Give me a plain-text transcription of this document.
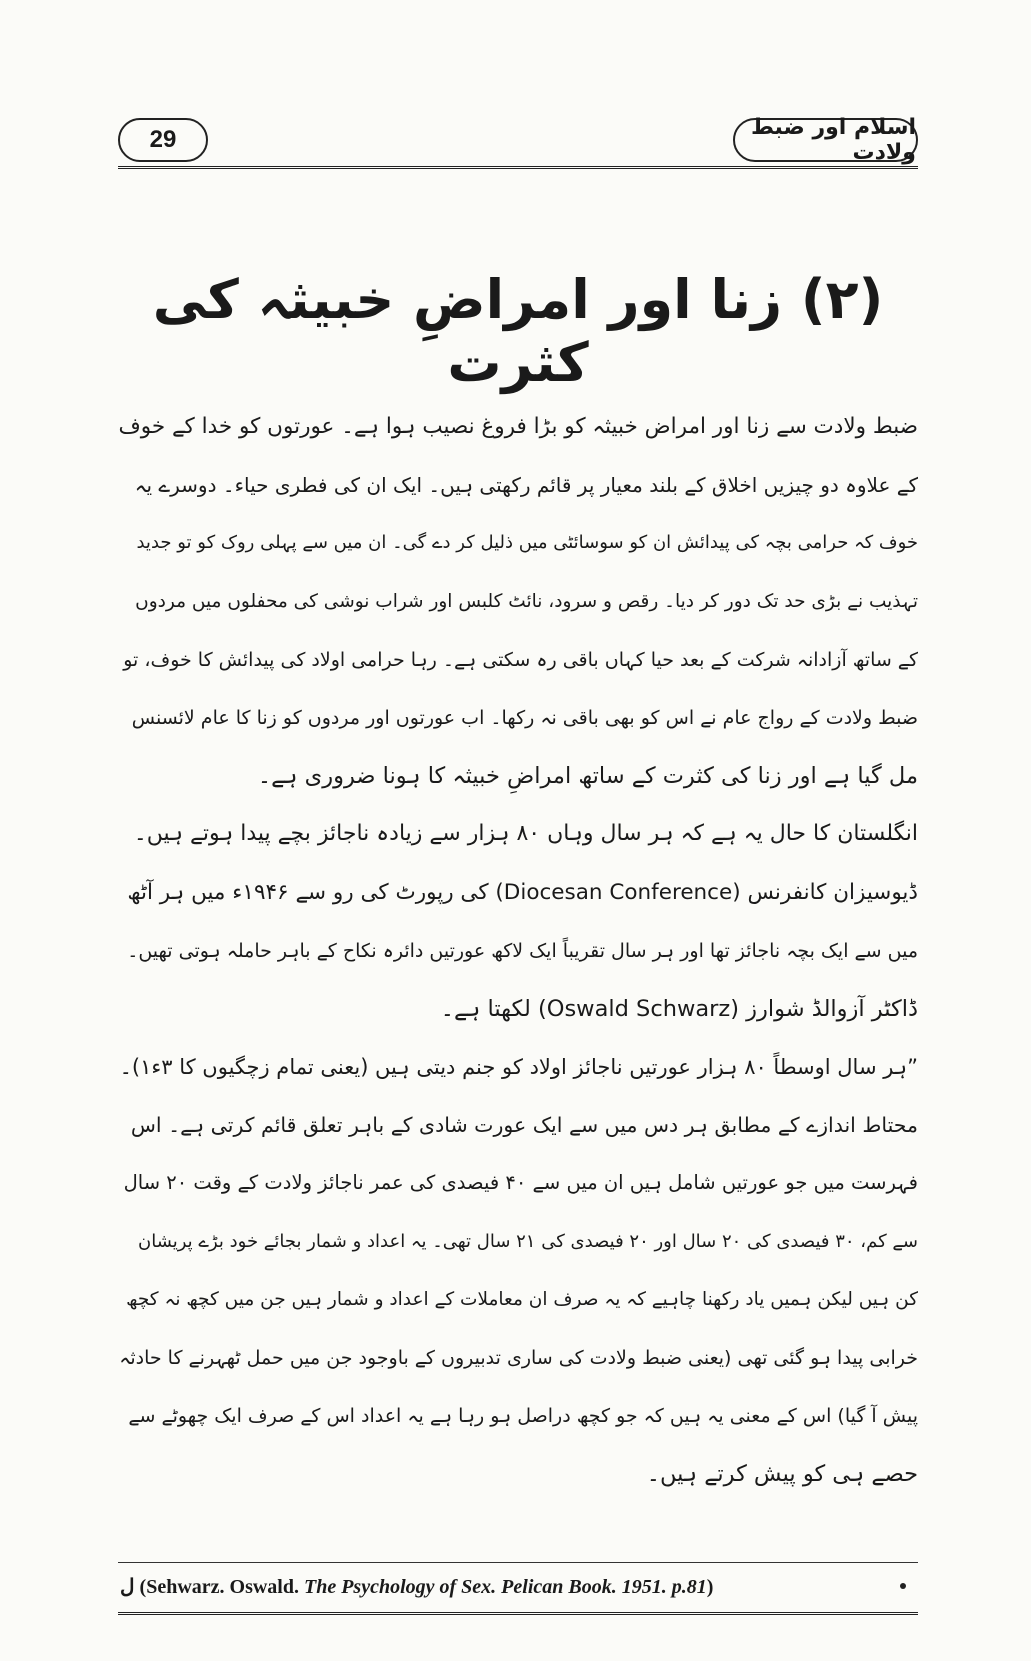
29	اسلام اور ضبط ولادت
(۲) زنا اور امراضِ خبیثہ کی کثرت
ضبط ولادت سے زنا اور امراض خبیثہ کو بڑا فروغ نصیب ہوا ہے۔ عورتوں کو خدا کے خوف
کے علاوہ دو چیزیں اخلاق کے بلند معیار پر قائم رکھتی ہیں۔ ایک ان کی فطری حیاء۔ دوسرے یہ
خوف کہ حرامی بچہ کی پیدائش ان کو سوسائٹی میں ذلیل کر دے گی۔ ان میں سے پہلی روک کو تو جدید
تہذیب نے بڑی حد تک دور کر دیا۔ رقص و سرود، نائٹ کلبس اور شراب نوشی کی محفلوں میں مردوں
کے ساتھ آزادانہ شرکت کے بعد حیا کہاں باقی رہ سکتی ہے۔ رہا حرامی اولاد کی پیدائش کا خوف، تو
ضبط ولادت کے رواج عام نے اس کو بھی باقی نہ رکھا۔ اب عورتوں اور مردوں کو زنا کا عام لائسنس
مل گیا ہے اور زنا کی کثرت کے ساتھ امراضِ خبیثہ کا ہونا ضروری ہے۔
انگلستان کا حال یہ ہے کہ ہر سال وہاں ۸۰ ہزار سے زیادہ ناجائز بچے پیدا ہوتے ہیں۔
ڈیوسیزان کانفرنس (Diocesan Conference) کی رپورٹ کی رو سے ۱۹۴۶ء میں ہر آٹھ
میں سے ایک بچہ ناجائز تھا اور ہر سال تقریباً ایک لاکھ عورتیں دائرہ نکاح کے باہر حاملہ ہوتی تھیں۔
ڈاکٹر آزوالڈ شوارز (Oswald Schwarz) لکھتا ہے۔
”ہر سال اوسطاً ۸۰ ہزار عورتیں ناجائز اولاد کو جنم دیتی ہیں (یعنی تمام زچگیوں کا ۳ء۱)۔
محتاط اندازے کے مطابق ہر دس میں سے ایک عورت شادی کے باہر تعلق قائم کرتی ہے۔ اس
فہرست میں جو عورتیں شامل ہیں ان میں سے ۴۰ فیصدی کی عمر ناجائز ولادت کے وقت ۲۰ سال
سے کم، ۳۰ فیصدی کی ۲۰ سال اور ۲۰ فیصدی کی ۲۱ سال تھی۔ یہ اعداد و شمار بجائے خود بڑے پریشان
کن ہیں لیکن ہمیں یاد رکھنا چاہیے کہ یہ صرف ان معاملات کے اعداد و شمار ہیں جن میں کچھ نہ کچھ
خرابی پیدا ہو گئی تھی (یعنی ضبط ولادت کی ساری تدبیروں کے باوجود جن میں حمل ٹھہرنے کا حادثہ
پیش آ گیا) اس کے معنی یہ ہیں کہ جو کچھ دراصل ہو رہا ہے یہ اعداد اس کے صرف ایک چھوٹے سے
حصے ہی کو پیش کرتے ہیں۔
ل (Sehwarz. Oswald. The Psychology of Sex. Pelican Book. 1951. p.81)
